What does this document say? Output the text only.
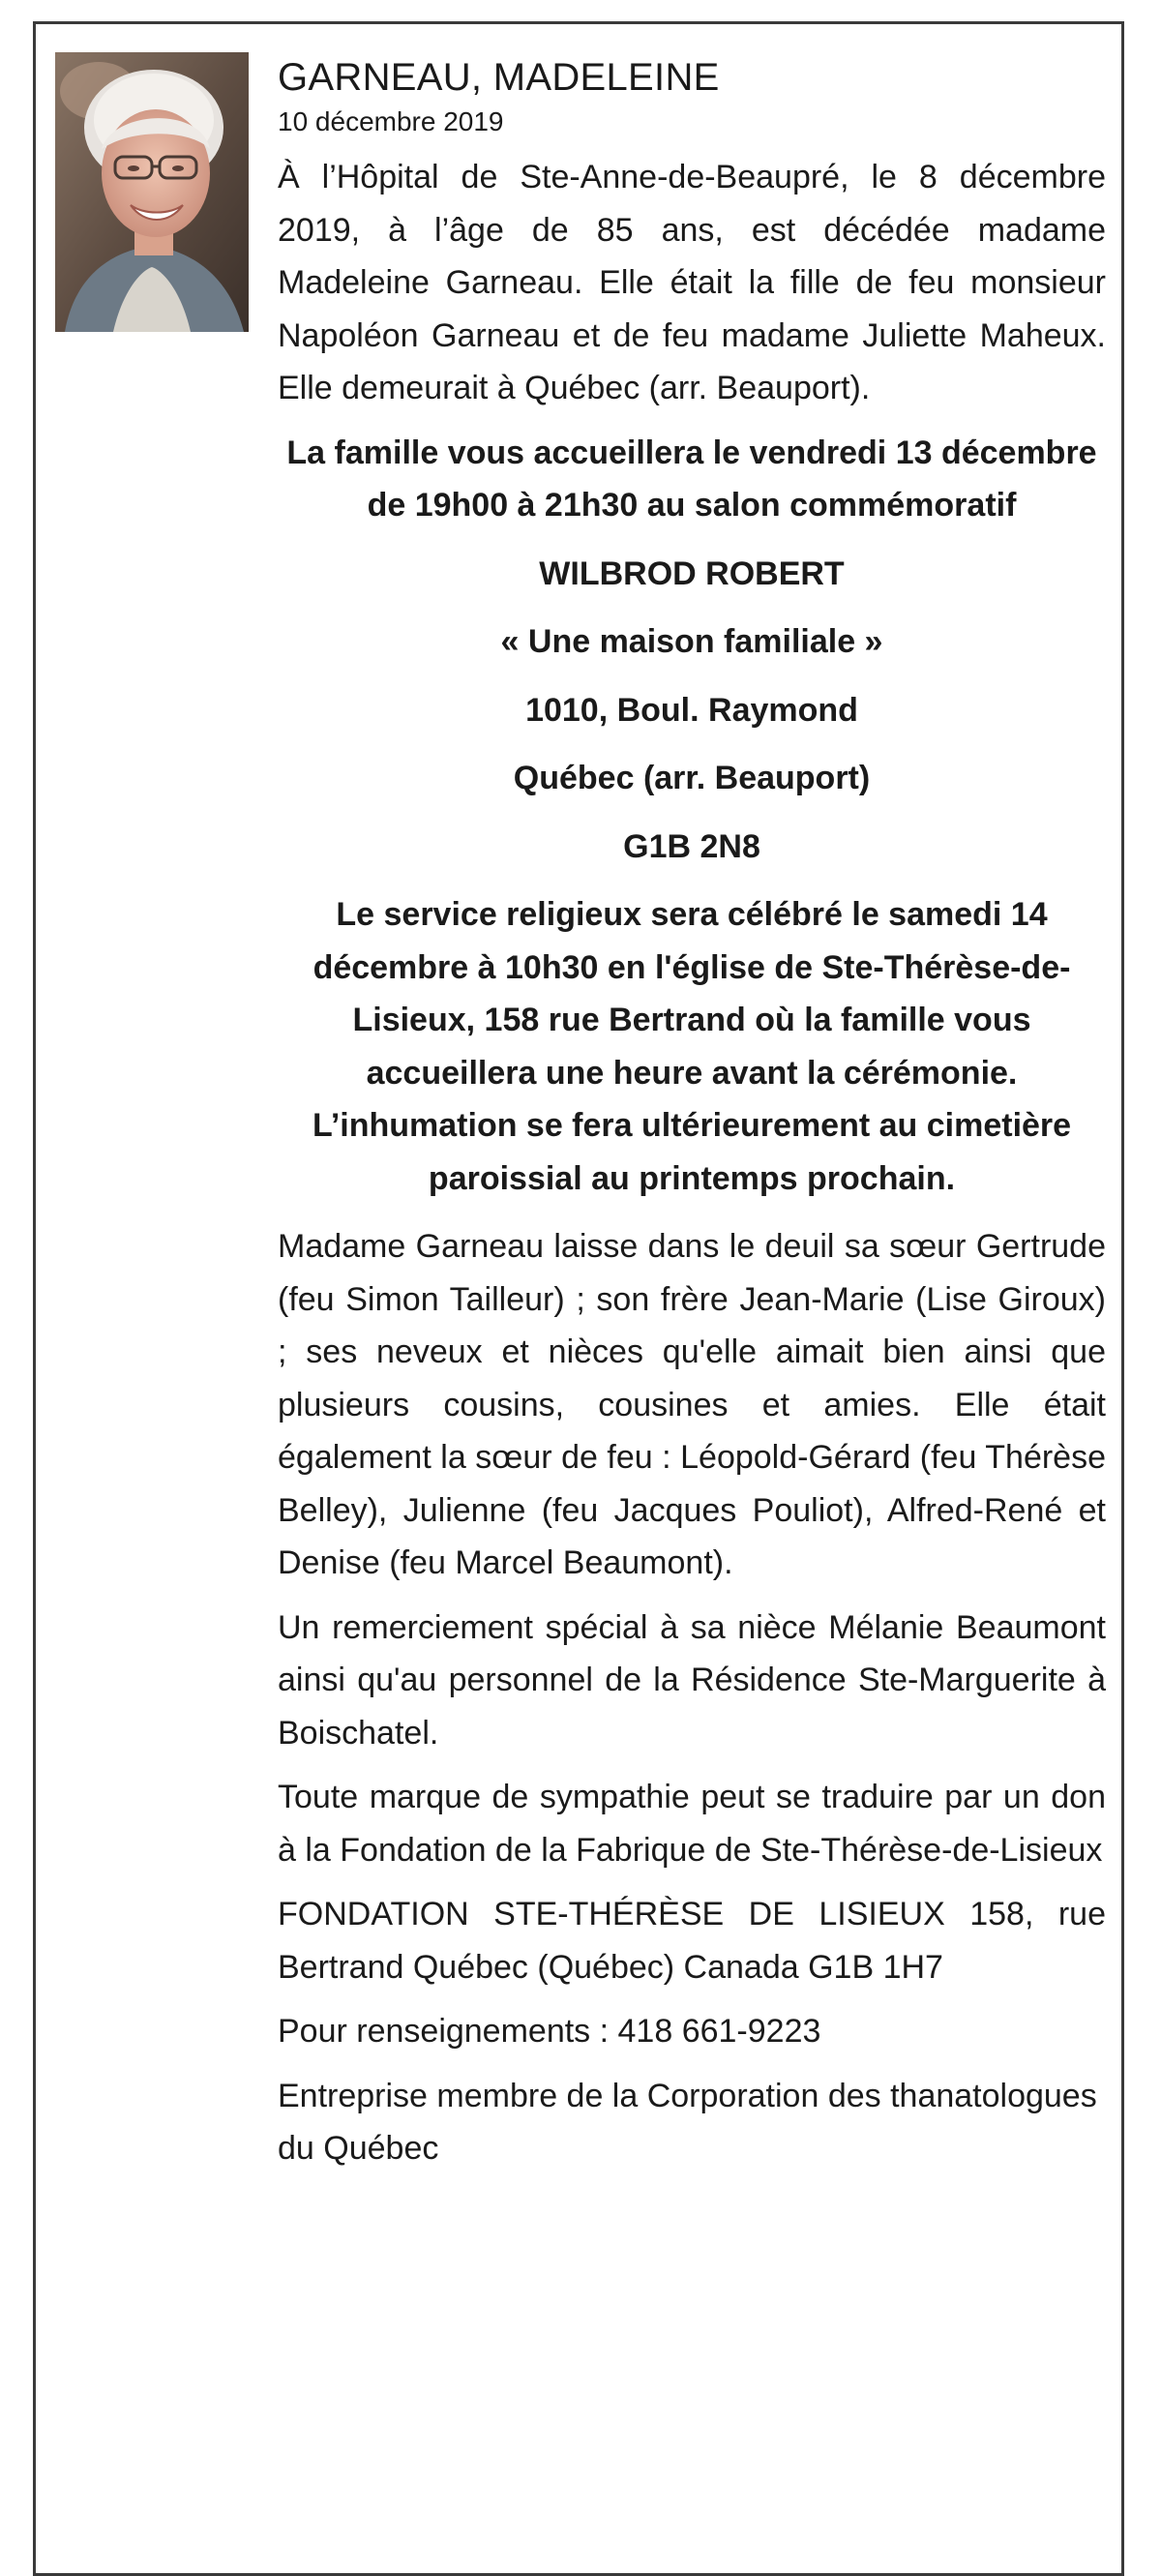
GARNEAU, MADELEINE
10 décembre 2019

À l’Hôpital de Ste-Anne-de-Beaupré, le 8 décembre 2019, à l’âge de 85 ans, est décédée madame Madeleine Garneau. Elle était la fille de feu monsieur Napoléon Garneau et de feu madame Juliette Maheux. Elle demeurait à Québec (arr. Beauport).

La famille vous accueillera le vendredi 13 décembre de 19h00 à 21h30 au salon commémoratif
WILBROD ROBERT
« Une maison familiale »
1010, Boul. Raymond
Québec (arr. Beauport)
G1B 2N8
Le service religieux sera célébré le samedi 14 décembre à 10h30 en l'église de Ste-Thérèse-de-Lisieux, 158 rue Bertrand où la famille vous accueillera une heure avant la cérémonie. L’inhumation se fera ultérieurement au cimetière paroissial au printemps prochain.

Madame Garneau laisse dans le deuil sa sœur Gertrude (feu Simon Tailleur) ; son frère Jean-Marie (Lise Giroux) ; ses neveux et nièces qu'elle aimait bien ainsi que plusieurs cousins, cousines et amies. Elle était également la sœur de feu : Léopold-Gérard (feu Thérèse Belley), Julienne (feu Jacques Pouliot), Alfred-René et Denise (feu Marcel Beaumont).

Un remerciement spécial à sa nièce Mélanie Beaumont ainsi qu'au personnel de la Résidence Ste-Marguerite à Boischatel.

Toute marque de sympathie peut se traduire par un don à la Fondation de la Fabrique de Ste-Thérèse-de-Lisieux

FONDATION STE-THÉRÈSE DE LISIEUX 158, rue Bertrand Québec (Québec) Canada G1B 1H7

Pour renseignements : 418 661-9223

Entreprise membre de la Corporation des thanatologues du Québec
